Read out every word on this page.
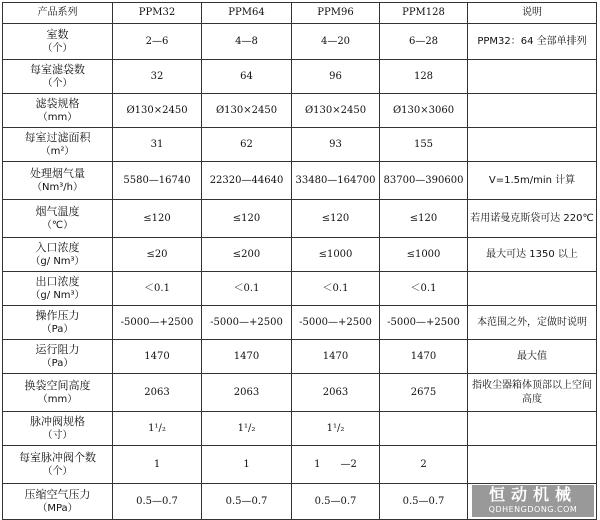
产品系列	PPM32	PPM64	PPM96	PPM128	说明

室数
（个）	2—6	4—8	4—20	6—28	PPM32：64 全部单排列

每室滤袋数
（个）	32	64	96	128	

滤袋规格
（mm）	Ø130×2450	Ø130×2450	Ø130×2450	Ø130×3060	

每室过滤面积
（m²）	31	62	93	155	

处理烟气量
（Nm³/h）	5580—16740	22320—44640	33480—164700	83700—390600	V=1.5m/min 计算

烟气温度
（℃）	≤120	≤120	≤120	≤120	若用诺曼克斯袋可达 220℃

入口浓度
（g/ Nm³）	≤20	≤200	≤1000	≤1000	最大可达 1350 以上

出口浓度
（g/ Nm³）	＜0.1	＜0.1	＜0.1	＜0.1	

操作压力
（Pa）	-5000—+2500	-5000—+2500	-5000—+2500	-5000—+2500	本范围之外，定做时说明

运行阻力
（Pa）	1470	1470	1470	1470	最大值

换袋空间高度
（mm）	2063	2063	2063	2675	指收尘器箱体顶部以上空间高度

脉冲阀规格
（寸）	1¹/₂	1¹/₂	1¹/₂		

每室脉冲阀个数
（个）	1	1	1　　—2	2	

压缩空气压力
（MPa）	0.5—0.7	0.5—0.7	0.5—0.7	0.5—0.7		恒动机械
QDHENGDONG.COM
